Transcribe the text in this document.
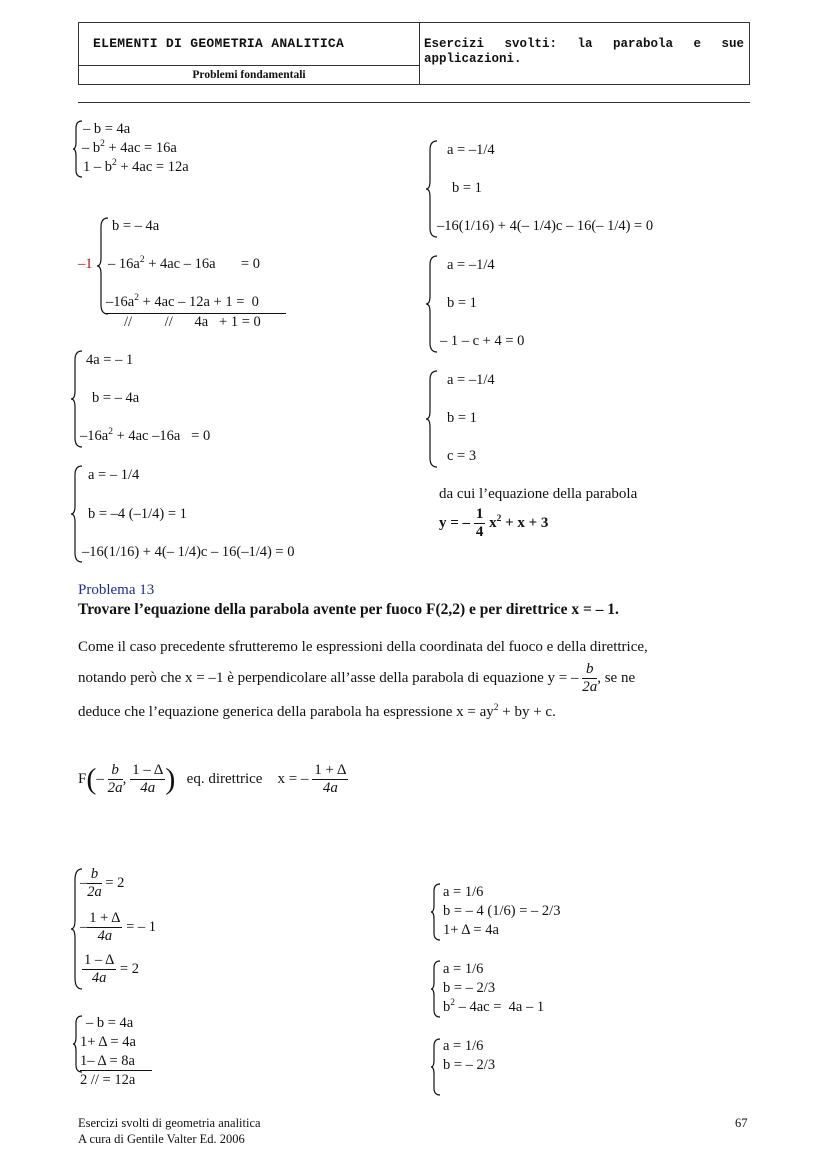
ELEMENTI DI GEOMETRIA ANALITICA	Esercizi svolti: la parabola e sue applicazioni.
Problemi fondamentali
– b = 4a
– $b^2 + 4ac = 16a$
$1 - b^2 + 4ac = 12a$
–1
b = – 4a
– $16a^2 + 4ac - 16a$       = 0
$-16a^2 + 4ac - 12a + 1 = 0$
//         //      4a   + 1 = 0
4a = – 1
b = – 4a
$-16a^2 + 4ac$ –16a   = 0
a = – 1/4
b = –4 (–1/4) = 1
–16(1/16) + 4(– 1/4)c – 16(–1/4) = 0
a = –1/4
b = 1
–16(1/16) + 4(– 1/4)c – 16(– 1/4) = 0
a = –1/4
b = 1
– 1 – c + 4 = 0
a = –1/4
b = 1
c = 3
da cui l’equazione della parabola
y = – $\frac{1}{4} x^2 + x + 3$
Problema 13
Trovare l’equazione della parabola avente per fuoco F(2,2) e per direttrice x = – 1.
Come il caso precedente sfrutteremo le espressioni della coordinata del fuoco e della direttrice,
notando però che x = –1 è perpendicolare all’asse della parabola di equazione y = – $\frac{b}{2a}$ , se ne
deduce che l’equazione generica della parabola ha espressione $x = ay^2$ + by + c.
$F(- \frac{b}{2a}$ , $\frac{1 - \Delta}{4a}$ ) eq. direttrice x = – $\frac{1 + \Delta}{4a}$
– $\frac{b}{2a} = 2$
– $\frac{1 + \Delta}{4a}$ = – 1
$\frac{1 - \Delta}{4a} = 2$
– b = 4a
1+ Δ = 4a
1– Δ = 8a
2 // = 12a
a = 1/6
b = – 4 (1/6) = – 2/3
1+ Δ = 4a
a = 1/6
b = – 2/3
$b^2 - 4ac = 4a - 1$
a = 1/6
b = – 2/3
Esercizi svolti di geometria analitica
A cura di Gentile Valter Ed. 2006
67
